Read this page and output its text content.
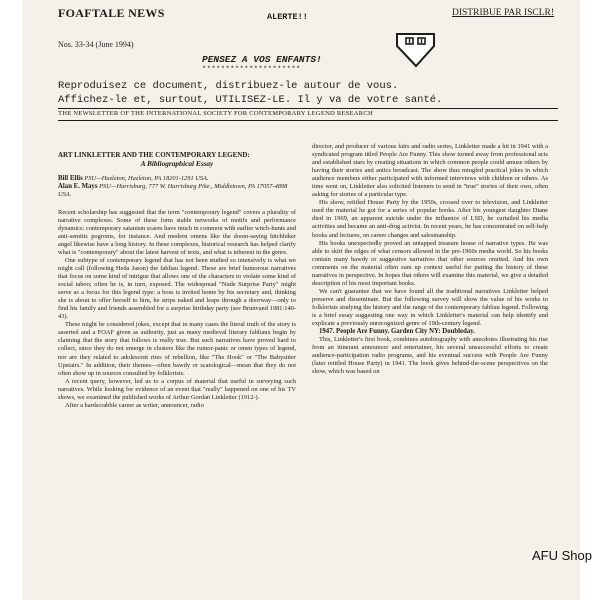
FOAFTALE NEWS	ALERTE!!	DISTRIBUE PAR ISCLR!
Nos. 33-34 (June 1994)
PENSEZ A VOS ENFANTS!
*********************
Reproduisez ce document, distribuez-le autour de vous.
Affichez-le et, surtout, UTILISEZ-LE. Il y va de votre santé.
THE NEWSLETTER OF THE INTERNATIONAL SOCIETY FOR CONTEMPORARY LEGEND RESEARCH
ART LINKLETTER AND THE CONTEMPORARY LEGEND:
A Bibliographical Essay
Bill Ellis PSU—Hazleton, Hazleton, PA 18201-1291 USA.
Alan E. Mays PSU—Harrisburg, 777 W. Harrisburg Pike., Middletown, PA 17057-4898 USA.

Recent scholarship has suggested that the term "contemporary legend" covers a plurality of narrative complexes. Some of these form stable networks of motifs and performance dynamics: contemporary satanism scares have much in common with earlier witch-hunts and anti-semitic pogroms, for instance. And modern omens like the doom-saying hitchhiker angel likewise have a long history. In these complexes, historical research has helped clarify what is "contemporary" about the latest harvest of texts, and what is inherent in the genre.

One subtype of contemporary legend that has not been studied so intensively is what we might call (following Heda Jason) the fabliau legend. These are brief humorous narratives that focus on some kind of intrigue that allows one of the characters to violate some kind of social taboo; often he is, in turn, exposed. The widespread "Nude Surprise Party" might serve as a focus for this legend type: a boss is invited home by his secretary and, thinking she is about to offer herself to him, he strips naked and leaps through a doorway—only to find his family and friends assembled for a surprise birthday party (see Brunvand 1981:140-43).

These might be considered jokes, except that in many cases the literal truth of the story is asserted and a FOAF given as authority, just as many medieval literary fabliaux begin by claiming that the story that follows is really true. But such narratives have proved hard to collect, since they do not emerge in clusters like the rumor-panic or omen types of legend, nor are they related to adolescent rites of rebellion, like "The Hook" or "The Babysitter Upstairs." In addition, their themes—often bawdy or scatological—mean that they do not often show up in sources consulted by folklorists.

A recent query, however, led us to a corpus of material that useful in surveying such narratives. While looking for evidence of an event that "really" happened on one of his TV shows, we examined the published works of Arthur Gordan Linkletter (1912-).

After a hardscrabble career as writer, announcer, radio

director, and producer of various fairs and radio series, Linkletter made a hit in 1941 with a syndicated program titled People Are Funny. This show turned away from professional acts and established stars by creating situations in which common people could amuse others by having their stories and antics broadcast. The show thus mingled practical jokes in which audience members either participated with informed interviews with children or others. As time went on, Linkletter also solicited listeners to send in "true" stories of their own, often asking for stories of a particular type.

His show, retitled House Party by the 1950s, crossed over to television, and Linkletter used the material he got for a series of popular books. After his youngest daughter Diane died in 1969, an apparent suicide under the influence of LSD, he curtailed his media activities and became an anti-drug activist. In recent years, he has concentrated on self-help books and lectures, on career changes and salesmanship.

His books unexpectedly proved an untapped treasure house of narrative types. He was able to skirt the edges of what censors allowed in the pre-1960s media world. So his books contain many bawdy or suggestive narratives that other sources omitted. And his own comments on the material often sum up context useful for putting the history of these narratives in perspective. In hopes that others will examine this material, we give a detailed description of his most important books.

We can't guarantee that we have found all the traditional narratives Linkletter helped preserve and disseminate. But the following survey will show the value of his works to folklorists studying the history and the range of the contemporary fabliau legend. Following is a brief essay suggesting one way in which Linkletter's material can help identify and explicate a previously unrecognized genre of 19th-century legend.

1947. People Are Funny. Garden City NY: Doubleday.

This, Linkletter's first book, combines autobiography with anecdotes illustrating his rise from an itinerant announcer and entertainer, his several unsuccessful efforts to create audience-participation radio programs, and his eventual success with People Are Funny (later retitled House Party) in 1941. The book gives behind-the-scene perspectives on the show, which was based on

AFU Shop
